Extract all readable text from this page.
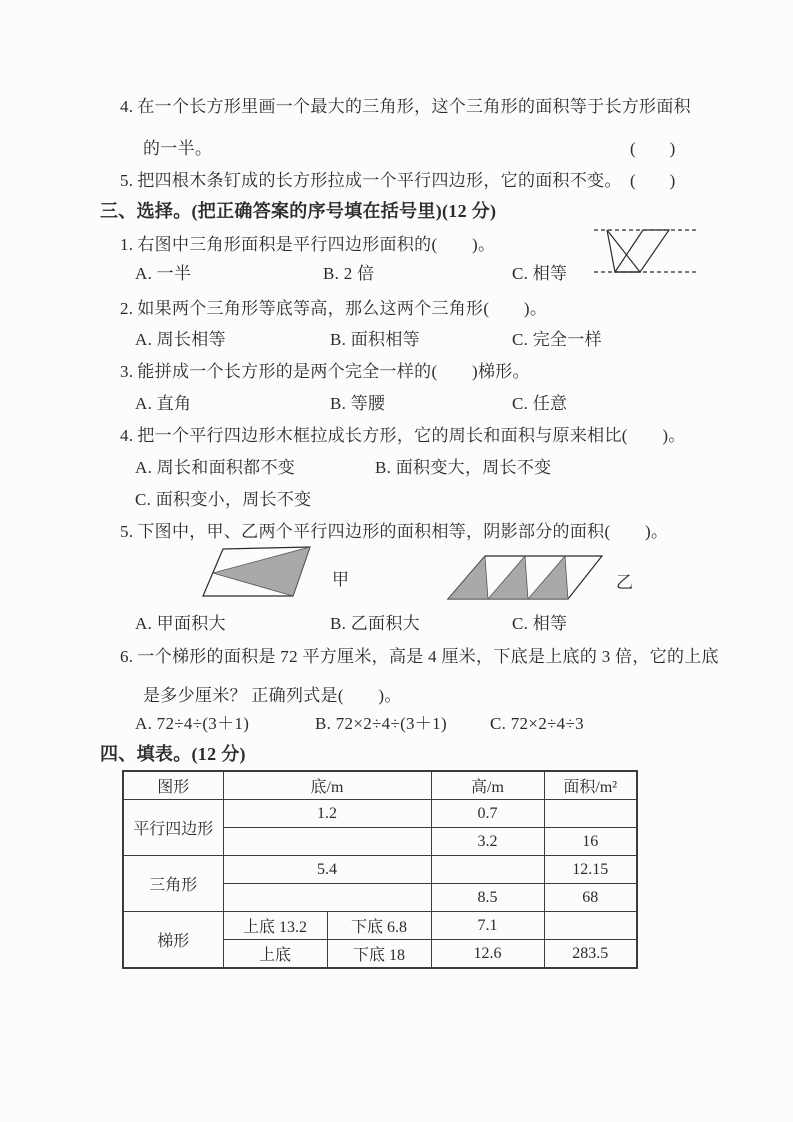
4. 在一个长方形里画一个最大的三角形，这个三角形的面积等于长方形面积
的一半。	(　　)
5. 把四根木条钉成的长方形拉成一个平行四边形，它的面积不变。 (　　)
三、选择。(把正确答案的序号填在括号里)(12 分)
1. 右图中三角形面积是平行四边形面积的(　　)。
A. 一半	B. 2 倍	C. 相等
2. 如果两个三角形等底等高，那么这两个三角形(　　)。
A. 周长相等	B. 面积相等	C. 完全一样
3. 能拼成一个长方形的是两个完全一样的(　　)梯形。
A. 直角	B. 等腰	C. 任意
4. 把一个平行四边形木框拉成长方形，它的周长和面积与原来相比(　　)。
A. 周长和面积都不变	B. 面积变大，周长不变
C. 面积变小，周长不变
5. 下图中，甲、乙两个平行四边形的面积相等，阴影部分的面积(　　)。
甲	乙
A. 甲面积大	B. 乙面积大	C. 相等
6. 一个梯形的面积是 72 平方厘米，高是 4 厘米，下底是上底的 3 倍，它的上底
是多少厘米？ 正确列式是(　　)。
A. 72÷4÷(3＋1)	B. 72×2÷4÷(3＋1)	C. 72×2÷4÷3
四、填表。(12 分)
图形	底/m		高/m	面积/m²
平行四边形	1.2		0.7	
			3.2	16
三角形	5.4			12.15
			8.5	68
梯形	上底 13.2	下底 6.8	7.1	
	上底	下底 18	12.6	283.5
